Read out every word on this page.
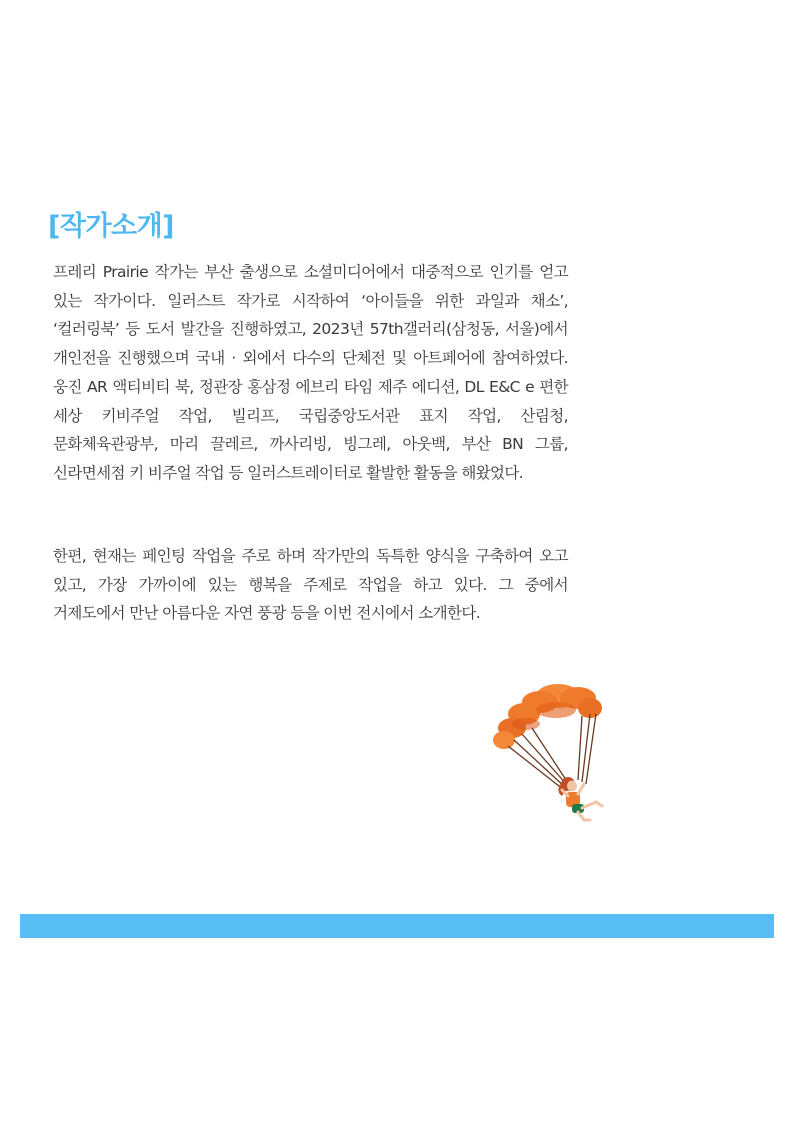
[작가소개]

프레리 Prairie 작가는 부산 출생으로 소셜미디어에서 대중적으로 인기를 얻고 있는 작가이다. 일러스트 작가로 시작하여 ‘아이들을 위한 과일과 채소’, ‘컬러링북’ 등 도서 발간을 진행하였고, 2023년 57th갤러리(삼청동, 서울)에서 개인전을 진행했으며 국내 · 외에서 다수의 단체전 및 아트페어에 참여하였다. 웅진 AR 액티비티 북, 정관장 홍삼정 에브리 타임 제주 에디션, DL E&C e 편한 세상 키비주얼 작업, 빌리프, 국립중앙도서관 표지 작업, 산림청, 문화체육관광부, 마리 끌레르, 까사리빙, 빙그레, 아웃백, 부산 BN 그룹, 신라면세점 키 비주얼 작업 등 일러스트레이터로 활발한 활동을 해왔었다.

한편, 현재는 페인팅 작업을 주로 하며 작가만의 독특한 양식을 구축하여 오고 있고, 가장 가까이에 있는 행복을 주제로 작업을 하고 있다. 그 중에서 거제도에서 만난 아름다운 자연 풍광 등을 이번 전시에서 소개한다.
